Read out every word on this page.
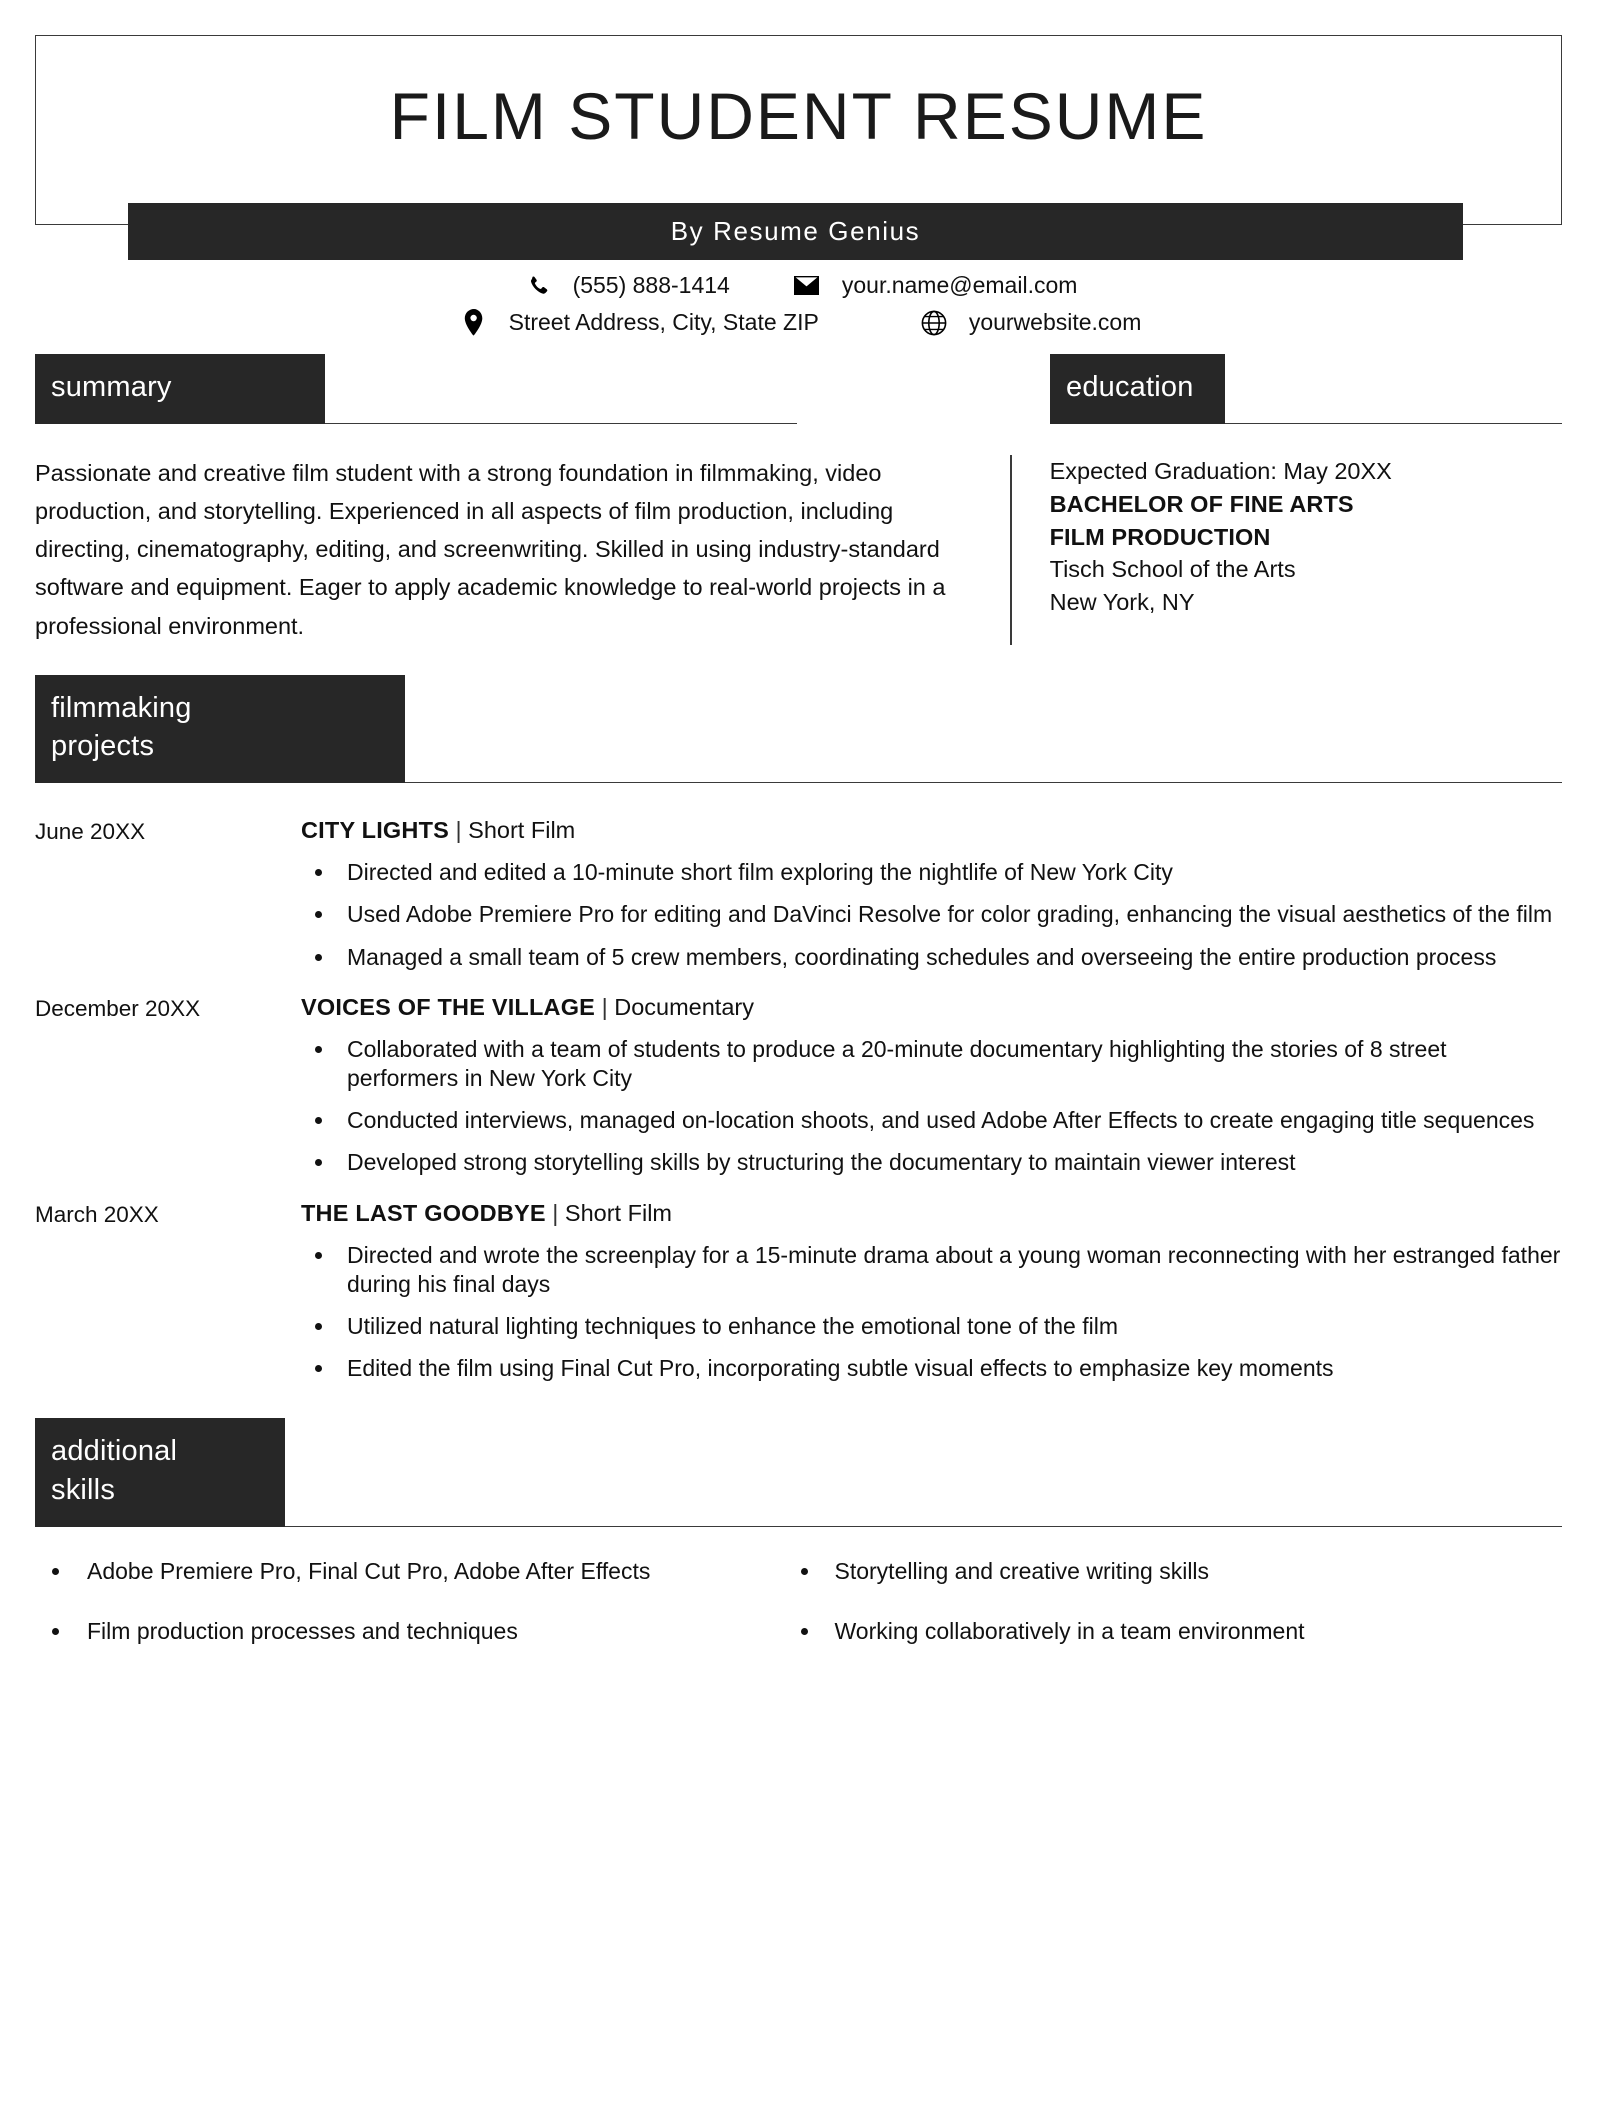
FILM STUDENT RESUME
By Resume Genius
(555) 888-1414	your.name@email.com
Street Address, City, State ZIP	yourwebsite.com
summary

Passionate and creative film student with a strong foundation in filmmaking, video production, and storytelling. Experienced in all aspects of film production, including directing, cinematography, editing, and screenwriting. Skilled in using industry-standard software and equipment. Eager to apply academic knowledge to real-world projects in a professional environment.

education
Expected Graduation: May 20XX
BACHELOR OF FINE ARTS
FILM PRODUCTION
Tisch School of the Arts
New York, NY
filmmaking
projects
June 20XX	CITY LIGHTS | Short Film
Directed and edited a 10-minute short film exploring the nightlife of New York City
Used Adobe Premiere Pro for editing and DaVinci Resolve for color grading, enhancing the visual aesthetics of the film
Managed a small team of 5 crew members, coordinating schedules and overseeing the entire production process
December 20XX	VOICES OF THE VILLAGE | Documentary
Collaborated with a team of students to produce a 20-minute documentary highlighting the stories of 8 street performers in New York City
Conducted interviews, managed on-location shoots, and used Adobe After Effects to create engaging title sequences
Developed strong storytelling skills by structuring the documentary to maintain viewer interest
March 20XX	THE LAST GOODBYE | Short Film
Directed and wrote the screenplay for a 15-minute drama about a young woman reconnecting with her estranged father during his final days
Utilized natural lighting techniques to enhance the emotional tone of the film
Edited the film using Final Cut Pro, incorporating subtle visual effects to emphasize key moments
additional
skills
Adobe Premiere Pro, Final Cut Pro, Adobe After Effects
Film production processes and techniques
Storytelling and creative writing skills
Working collaboratively in a team environment
